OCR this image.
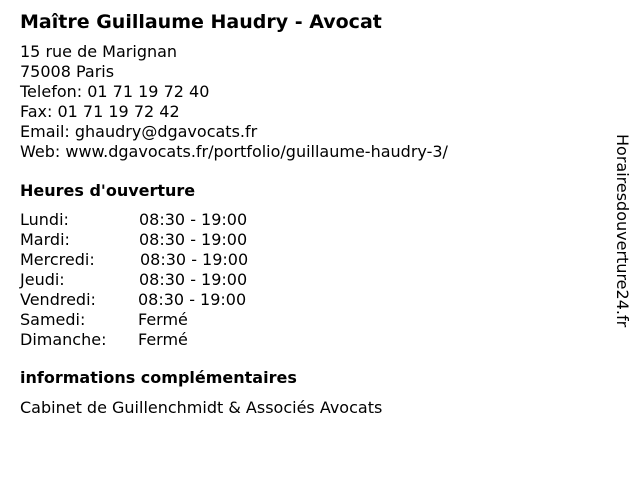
Maître Guillaume Haudry - Avocat
15 rue de Marignan
75008 Paris
Telefon: 01 71 19 72 40
Fax: 01 71 19 72 42
Email: ghaudry@dgavocats.fr
Web: www.dgavocats.fr/portfolio/guillaume-haudry-3/
Heures d'ouverture
Lundi:	08:30 - 19:00
Mardi:	08:30 - 19:00
Mercredi:	08:30 - 19:00
Jeudi:	08:30 - 19:00
Vendredi:	08:30 - 19:00
Samedi:	Fermé
Dimanche:	Fermé
informations complémentaires
Cabinet de Guillenchmidt & Associés Avocats
Horairesdouverture24.fr
